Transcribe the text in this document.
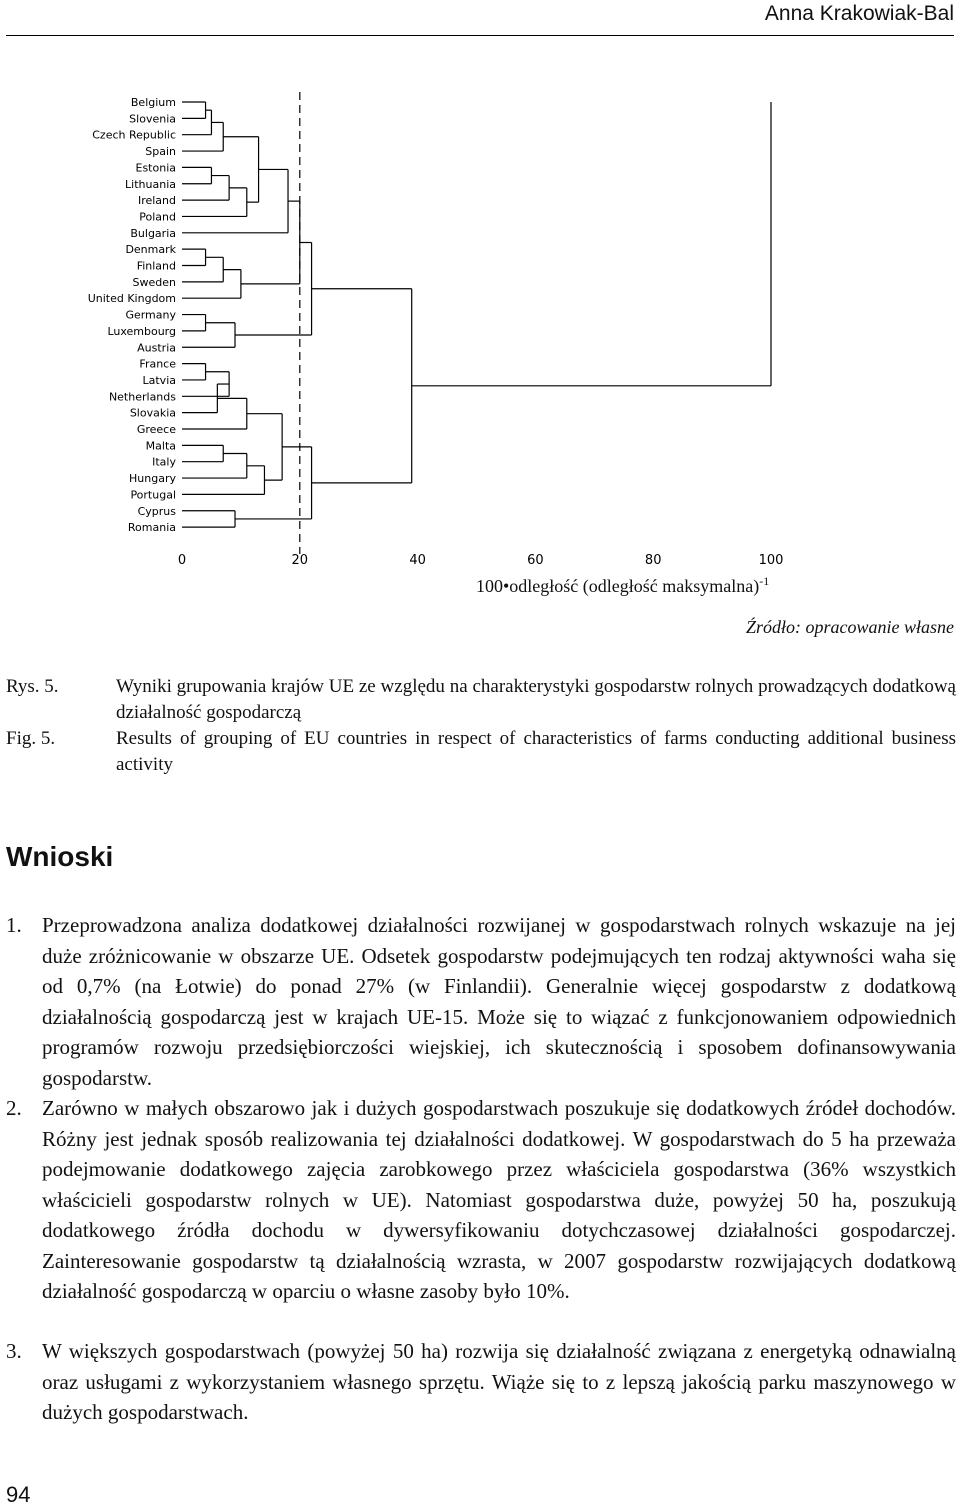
Anna Krakowiak-Bal
Belgium
Slovenia
Czech Republic
Spain
Estonia
Lithuania
Ireland
Poland
Bulgaria
Denmark
Finland
Sweden
United Kingdom
Germany
Luxembourg
Austria
France
Latvia
Netherlands
Slovakia
Greece
Malta
Italy
Hungary
Portugal
Cyprus
Romania
0	20	40	60	80	100
100•odległość (odległość maksymalna)$^{-1}$
Źródło: opracowanie własne
Rys. 5.	Wyniki grupowania krajów UE ze względu na charakterystyki gospodarstw rolnych prowadzących dodatkową działalność gospodarczą
Fig. 5.	Results of grouping of EU countries in respect of characteristics of farms conducting additional business activity
Wnioski
1. Przeprowadzona analiza dodatkowej działalności rozwijanej w gospodarstwach rolnych wskazuje na jej duże zróżnicowanie w obszarze UE. Odsetek gospodarstw podejmujących ten rodzaj aktywności waha się od 0,7% (na Łotwie) do ponad 27% (w Finlandii). Generalnie więcej gospodarstw z dodatkową działalnością gospodarczą jest w krajach UE-15. Może się to wiązać z funkcjonowaniem odpowiednich programów rozwoju przedsiębiorczości wiejskiej, ich skutecznością i sposobem dofinansowywania gospodarstw.
2. Zarówno w małych obszarowo jak i dużych gospodarstwach poszukuje się dodatkowych źródeł dochodów. Różny jest jednak sposób realizowania tej działalności dodatkowej. W gospodarstwach do 5 ha przeważa podejmowanie dodatkowego zajęcia zarobkowego przez właściciela gospodarstwa (36% wszystkich właścicieli gospodarstw rolnych w UE). Natomiast gospodarstwa duże, powyżej 50 ha, poszukują dodatkowego źródła dochodu w dywersyfikowaniu dotychczasowej działalności gospodarczej. Zainteresowanie gospodarstw tą działalnością wzrasta, w 2007 gospodarstw rozwijających dodatkową działalność gospodarczą w oparciu o własne zasoby było 10%.
3. W większych gospodarstwach (powyżej 50 ha) rozwija się działalność związana z energetyką odnawialną oraz usługami z wykorzystaniem własnego sprzętu. Wiąże się to z lepszą jakością parku maszynowego w dużych gospodarstwach.
94
